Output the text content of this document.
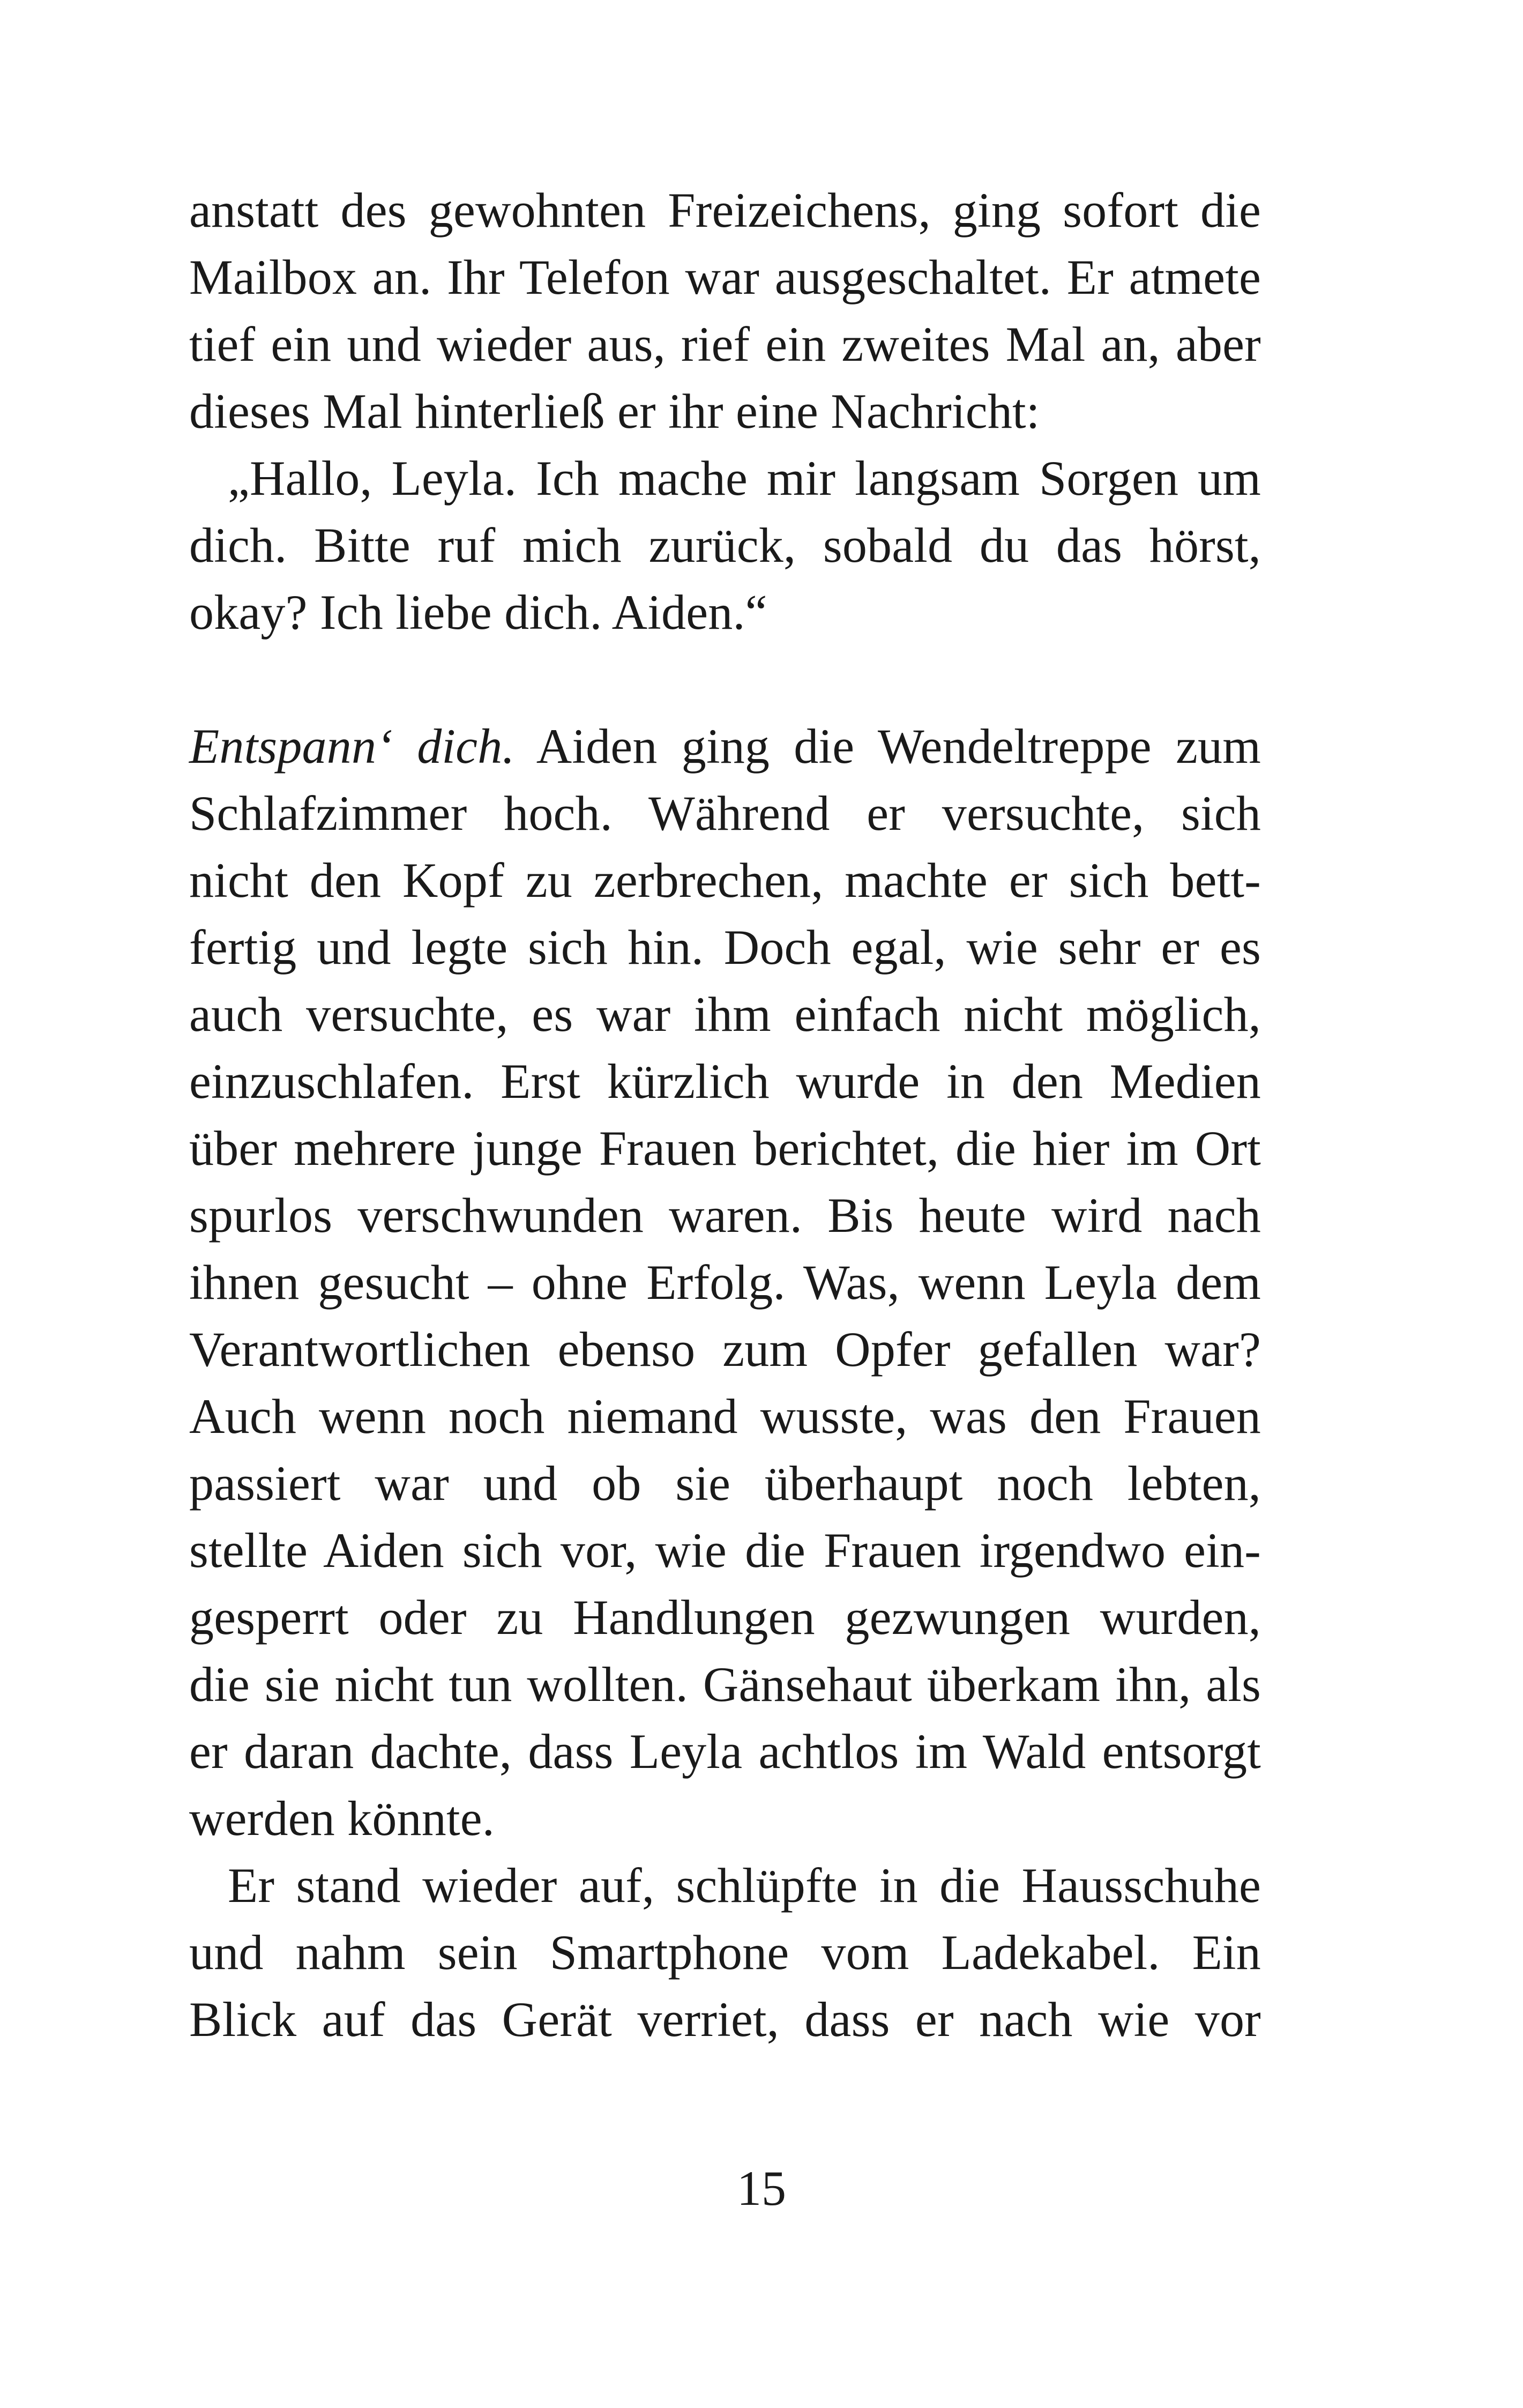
anstatt des gewohnten Freizeichens, ging sofort die
Mailbox an. Ihr Telefon war ausgeschaltet. Er atmete
tief ein und wieder aus, rief ein zweites Mal an, aber
dieses Mal hinterließ er ihr eine Nachricht:
„Hallo, Leyla. Ich mache mir langsam Sorgen um
dich. Bitte ruf mich zurück, sobald du das hörst,
okay? Ich liebe dich. Aiden.“
Entspann‘ dich. Aiden ging die Wendeltreppe zum
Schlafzimmer hoch. Während er versuchte, sich
nicht den Kopf zu zerbrechen, machte er sich bett-
fertig und legte sich hin. Doch egal, wie sehr er es
auch versuchte, es war ihm einfach nicht möglich,
einzuschlafen. Erst kürzlich wurde in den Medien
über mehrere junge Frauen berichtet, die hier im Ort
spurlos verschwunden waren. Bis heute wird nach
ihnen gesucht – ohne Erfolg. Was, wenn Leyla dem
Verantwortlichen ebenso zum Opfer gefallen war?
Auch wenn noch niemand wusste, was den Frauen
passiert war und ob sie überhaupt noch lebten,
stellte Aiden sich vor, wie die Frauen irgendwo ein-
gesperrt oder zu Handlungen gezwungen wurden,
die sie nicht tun wollten. Gänsehaut überkam ihn, als
er daran dachte, dass Leyla achtlos im Wald entsorgt
werden könnte.
Er stand wieder auf, schlüpfte in die Hausschuhe
und nahm sein Smartphone vom Ladekabel. Ein
Blick auf das Gerät verriet, dass er nach wie vor
15
